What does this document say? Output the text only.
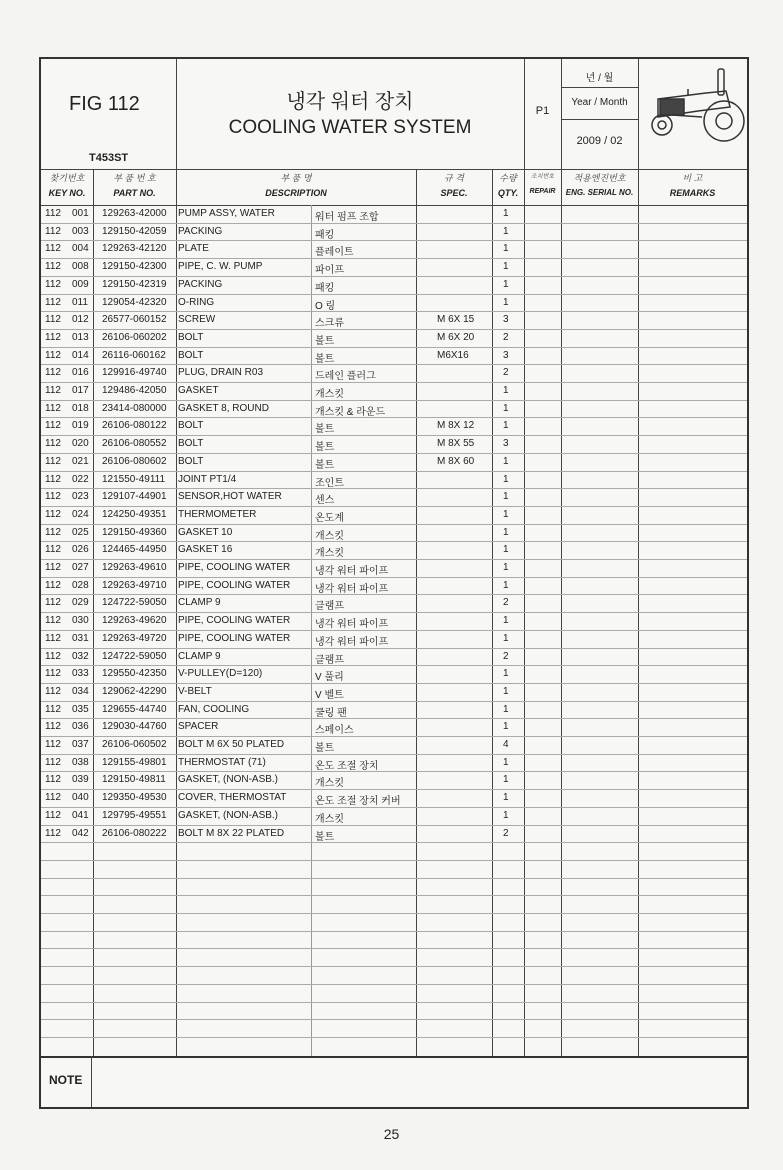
FIG 112
T453ST
냉각 워터 장치
COOLING WATER SYSTEM
P1
년 / 월
Year / Month
2009 / 02
찾기번호
KEY NO.
부 품 번 호
PART NO.
부 품 명
DESCRIPTION
규 격
SPEC.
수량
QTY.
조치번호
REPAIR
적용엔진번호
ENG. SERIAL NO.
비 고
REMARKS
112 001 129263-42000 PUMP ASSY, WATER	워터 펌프 조합	1
112 003 129150-42059 PACKING	패킹	1
112 004 129263-42120 PLATE	플레이트	1
112 008 129150-42300 PIPE, C. W. PUMP	파이프	1
112 009 129150-42319 PACKING	패킹	1
112 011 129054-42320 O-RING	O 링	1
112 012 26577-060152 SCREW	스크류	M 6X 15	3
112 013 26106-060202 BOLT	볼트	M 6X 20	2
112 014 26116-060162 BOLT	볼트	M6X16	3
112 016 129916-49740 PLUG, DRAIN R03	드레인 플러그	2
112 017 129486-42050 GASKET	개스킷	1
112 018 23414-080000 GASKET 8, ROUND	개스킷 & 라운드	1
112 019 26106-080122 BOLT	볼트	M 8X 12	1
112 020 26106-080552 BOLT	볼트	M 8X 55	3
112 021 26106-080602 BOLT	볼트	M 8X 60	1
112 022 121550-49111 JOINT PT1/4	조인트	1
112 023 129107-44901 SENSOR,HOT WATER	센스	1
112 024 124250-49351 THERMOMETER	온도계	1
112 025 129150-49360 GASKET 10	개스킷	1
112 026 124465-44950 GASKET 16	개스킷	1
112 027 129263-49610 PIPE, COOLING WATER 냉각 워터 파이프	1
112 028 129263-49710 PIPE, COOLING WATER 냉각 워터 파이프	1
112 029 124722-59050 CLAMP 9	클램프	2
112 030 129263-49620 PIPE, COOLING WATER 냉각 워터 파이프	1
112 031 129263-49720 PIPE, COOLING WATER 냉각 워터 파이프	1
112 032 124722-59050 CLAMP 9	클램프	2
112 033 129550-42350 V-PULLEY(D=120)	V 풀리	1
112 034 129062-42290 V-BELT	V 벨트	1
112 035 129655-44740 FAN, COOLING	쿨링 팬	1
112 036 129030-44760 SPACER	스페이스	1
112 037 26106-060502 BOLT M 6X 50 PLATED	볼트	4
112 038 129155-49801 THERMOSTAT (71)	온도 조절 장치	1
112 039 129150-49811 GASKET, (NON-ASB.)	개스킷	1
112 040 129350-49530 COVER, THERMOSTAT	온도 조절 장치 커버	1
112 041 129795-49551 GASKET, (NON-ASB.)	개스킷	1
112 042 26106-080222 BOLT M 8X 22 PLATED	볼트	2
NOTE
25
